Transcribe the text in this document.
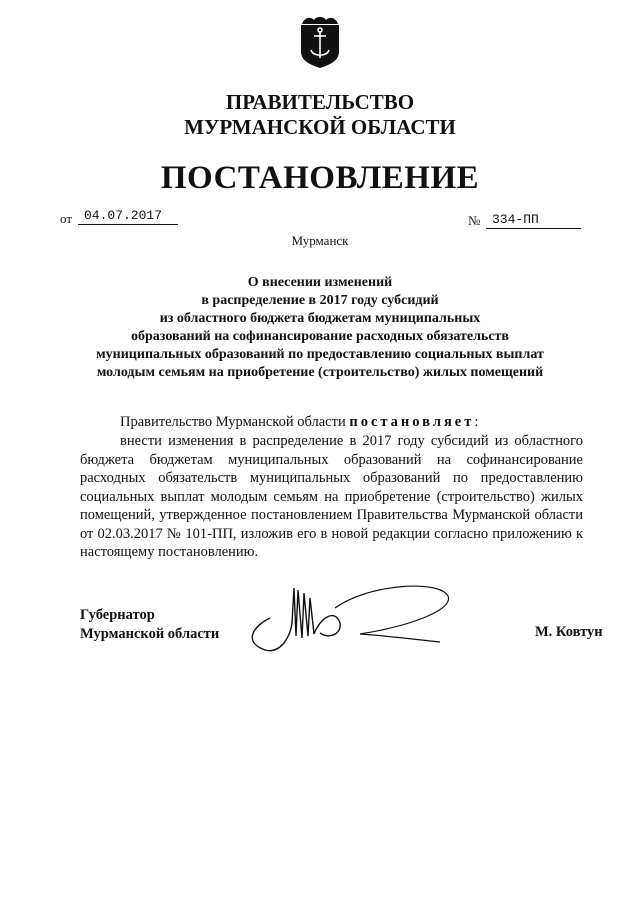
ПРАВИТЕЛЬСТВО
МУРМАНСКОЙ ОБЛАСТИ
ПОСТАНОВЛЕНИЕ
от 04.07.2017	№ 334-ПП
Мурманск
О внесении изменений
в распределение в 2017 году субсидий
из областного бюджета бюджетам муниципальных
образований на софинансирование расходных обязательств
муниципальных образований по предоставлению социальных выплат
молодым семьям на приобретение (строительство) жилых помещений
Правительство Мурманской области постановляет:
внести изменения в распределение в 2017 году субсидий из областного бюджета бюджетам муниципальных образований на софинансирование расходных обязательств муниципальных образований по предоставлению социальных выплат молодым семьям на приобретение (строительство) жилых помещений, утвержденное постановлением Правительства Мурманской области от 02.03.2017 № 101-ПП, изложив его в новой редакции согласно приложению к настоящему постановлению.
Губернатор
Мурманской области	М. Ковтун
